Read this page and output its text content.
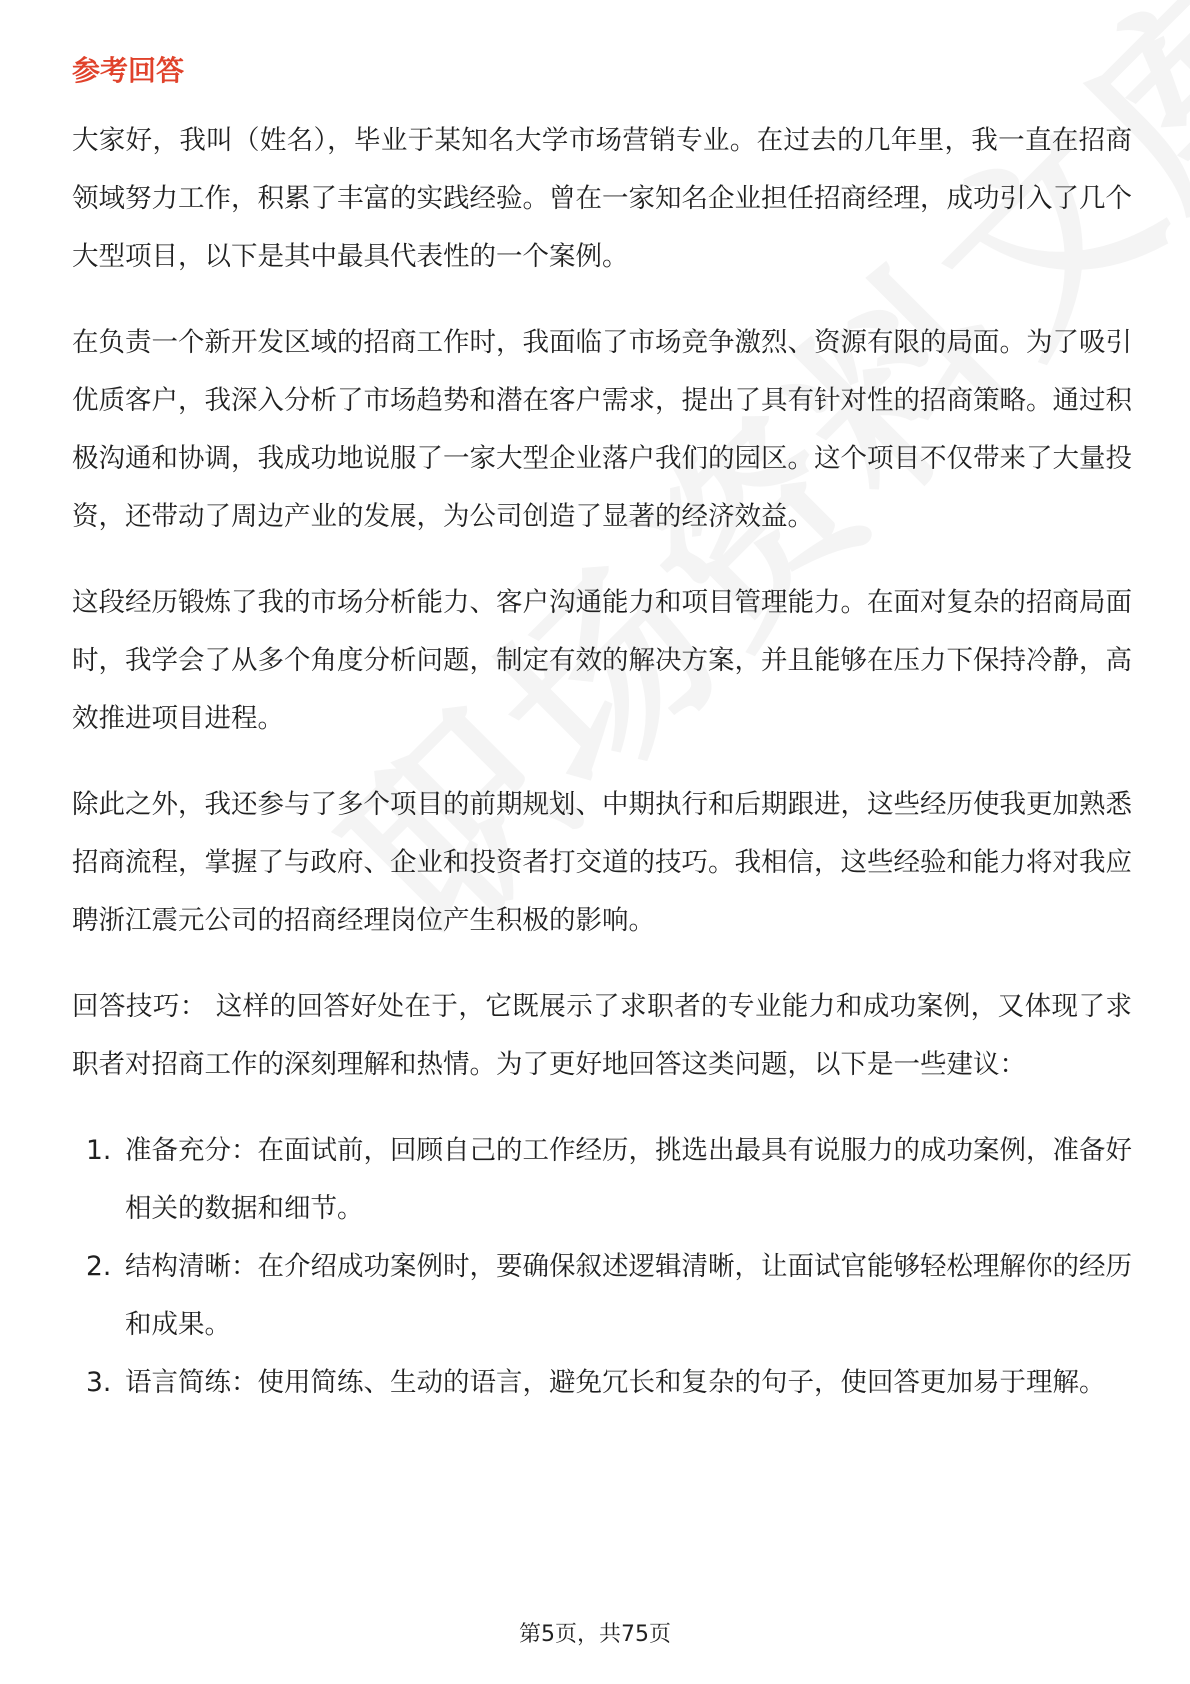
参考回答

大家好，我叫（姓名），毕业于某知名大学市场营销专业。在过去的几年里，我一直在招商领域努力工作，积累了丰富的实践经验。曾在一家知名企业担任招商经理，成功引入了几个大型项目，以下是其中最具代表性的一个案例。

在负责一个新开发区域的招商工作时，我面临了市场竞争激烈、资源有限的局面。为了吸引优质客户，我深入分析了市场趋势和潜在客户需求，提出了具有针对性的招商策略。通过积极沟通和协调，我成功地说服了一家大型企业落户我们的园区。这个项目不仅带来了大量投资，还带动了周边产业的发展，为公司创造了显著的经济效益。

这段经历锻炼了我的市场分析能力、客户沟通能力和项目管理能力。在面对复杂的招商局面时，我学会了从多个角度分析问题，制定有效的解决方案，并且能够在压力下保持冷静，高效推进项目进程。

除此之外，我还参与了多个项目的前期规划、中期执行和后期跟进，这些经历使我更加熟悉招商流程，掌握了与政府、企业和投资者打交道的技巧。我相信，这些经验和能力将对我应聘浙江震元公司的招商经理岗位产生积极的影响。

回答技巧： 这样的回答好处在于，它既展示了求职者的专业能力和成功案例，又体现了求职者对招商工作的深刻理解和热情。为了更好地回答这类问题，以下是一些建议：

1. 准备充分：在面试前，回顾自己的工作经历，挑选出最具有说服力的成功案例，准备好相关的数据和细节。
2. 结构清晰：在介绍成功案例时，要确保叙述逻辑清晰，让面试官能够轻松理解你的经历和成果。
3. 语言简练：使用简练、生动的语言，避免冗长和复杂的句子，使回答更加易于理解。
第5页，共75页
